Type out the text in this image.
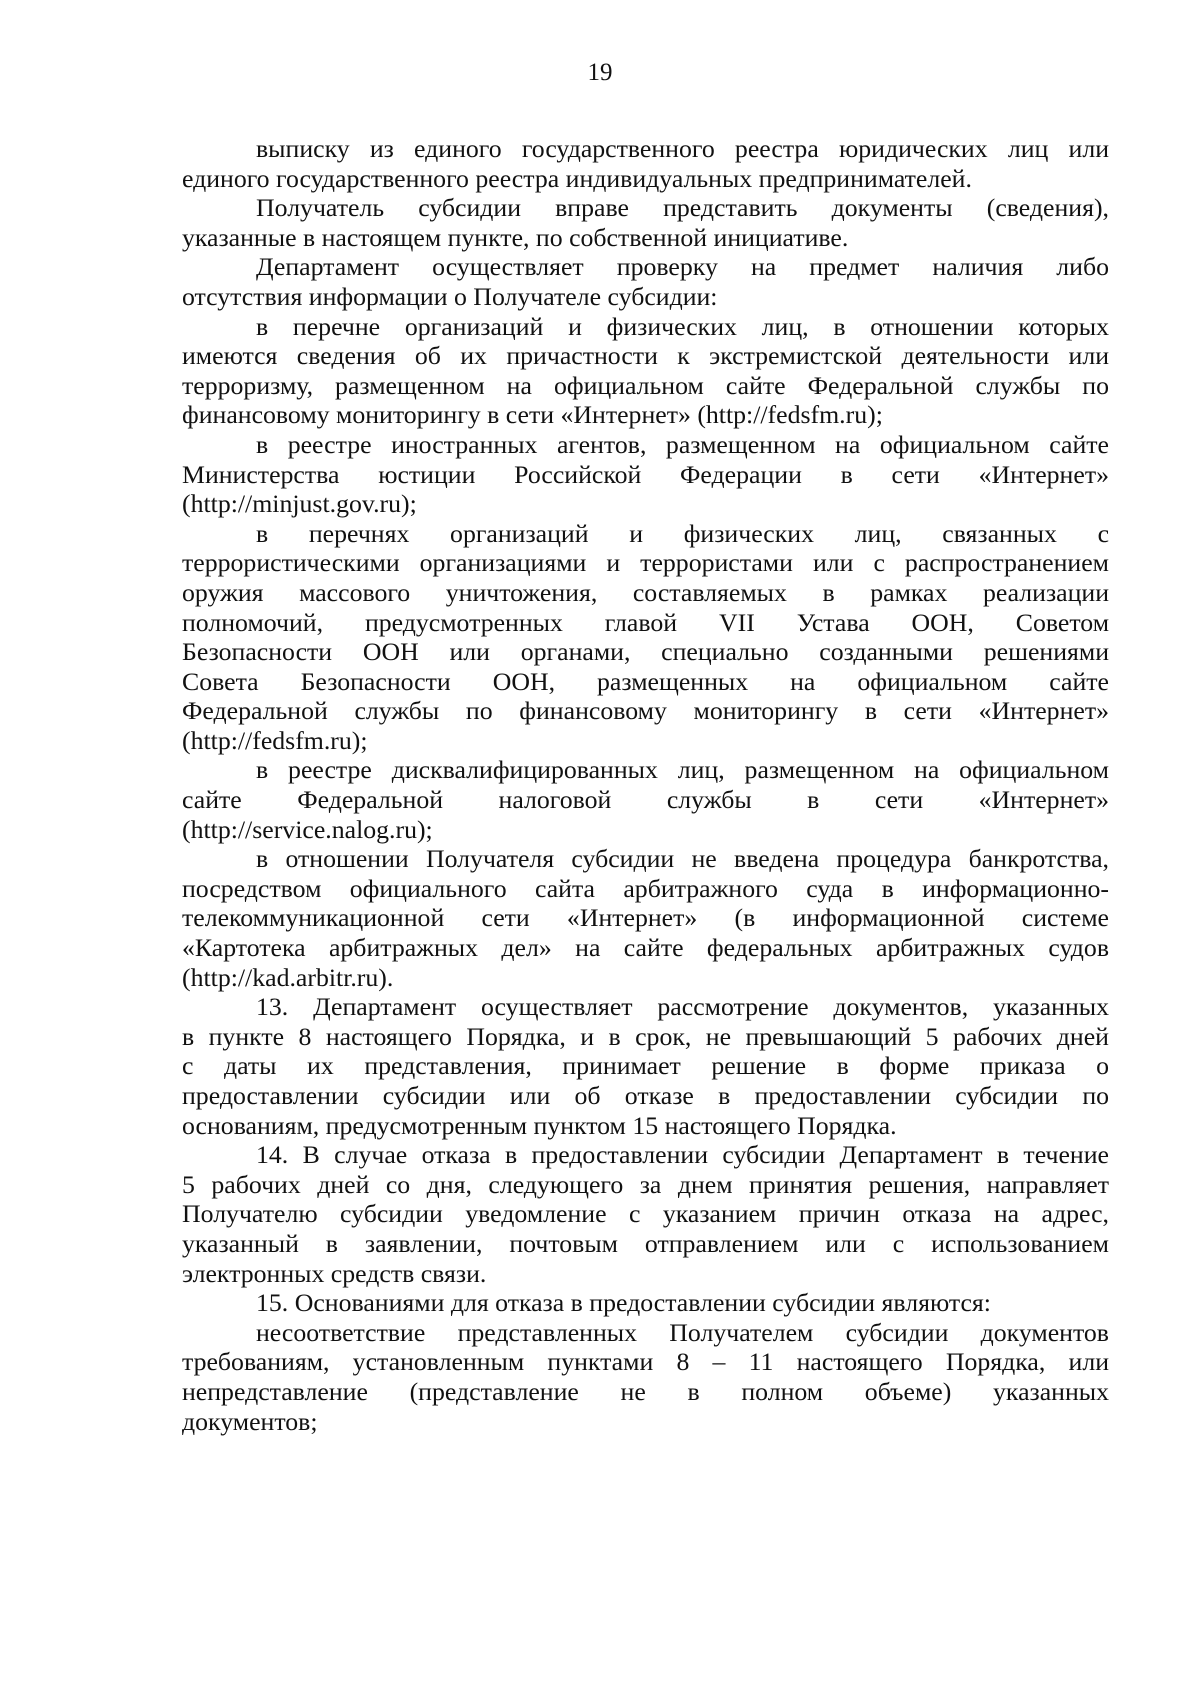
19
выписку из единого государственного реестра юридических лиц или
единого государственного реестра индивидуальных предпринимателей.
Получатель субсидии вправе представить документы (сведения),
указанные в настоящем пункте, по собственной инициативе.
Департамент осуществляет проверку на предмет наличия либо
отсутствия информации о Получателе субсидии:
в перечне организаций и физических лиц, в отношении которых
имеются сведения об их причастности к экстремистской деятельности или
терроризму, размещенном на официальном сайте Федеральной службы по
финансовому мониторингу в сети «Интернет» (http://fedsfm.ru);
в реестре иностранных агентов, размещенном на официальном сайте
Министерства юстиции Российской Федерации в сети «Интернет»
(http://minjust.gov.ru);
в перечнях организаций и физических лиц, связанных с
террористическими организациями и террористами или с распространением
оружия массового уничтожения, составляемых в рамках реализации
полномочий, предусмотренных главой VII Устава ООН, Советом
Безопасности ООН или органами, специально созданными решениями
Совета Безопасности ООН, размещенных на официальном сайте
Федеральной службы по финансовому мониторингу в сети «Интернет»
(http://fedsfm.ru);
в реестре дисквалифицированных лиц, размещенном на официальном
сайте Федеральной налоговой службы в сети «Интернет»
(http://service.nalog.ru);
в отношении Получателя субсидии не введена процедура банкротства,
посредством официального сайта арбитражного суда в информационно-
телекоммуникационной сети «Интернет» (в информационной системе
«Картотека арбитражных дел» на сайте федеральных арбитражных судов
(http://kad.arbitr.ru).
13. Департамент осуществляет рассмотрение документов, указанных
в пункте 8 настоящего Порядка, и в срок, не превышающий 5 рабочих дней
с даты их представления, принимает решение в форме приказа о
предоставлении субсидии или об отказе в предоставлении субсидии по
основаниям, предусмотренным пунктом 15 настоящего Порядка.
14. В случае отказа в предоставлении субсидии Департамент в течение
5 рабочих дней со дня, следующего за днем принятия решения, направляет
Получателю субсидии уведомление с указанием причин отказа на адрес,
указанный в заявлении, почтовым отправлением или с использованием
электронных средств связи.
15. Основаниями для отказа в предоставлении субсидии являются:
несоответствие представленных Получателем субсидии документов
требованиям, установленным пунктами 8 – 11 настоящего Порядка, или
непредставление (представление не в полном объеме) указанных
документов;
